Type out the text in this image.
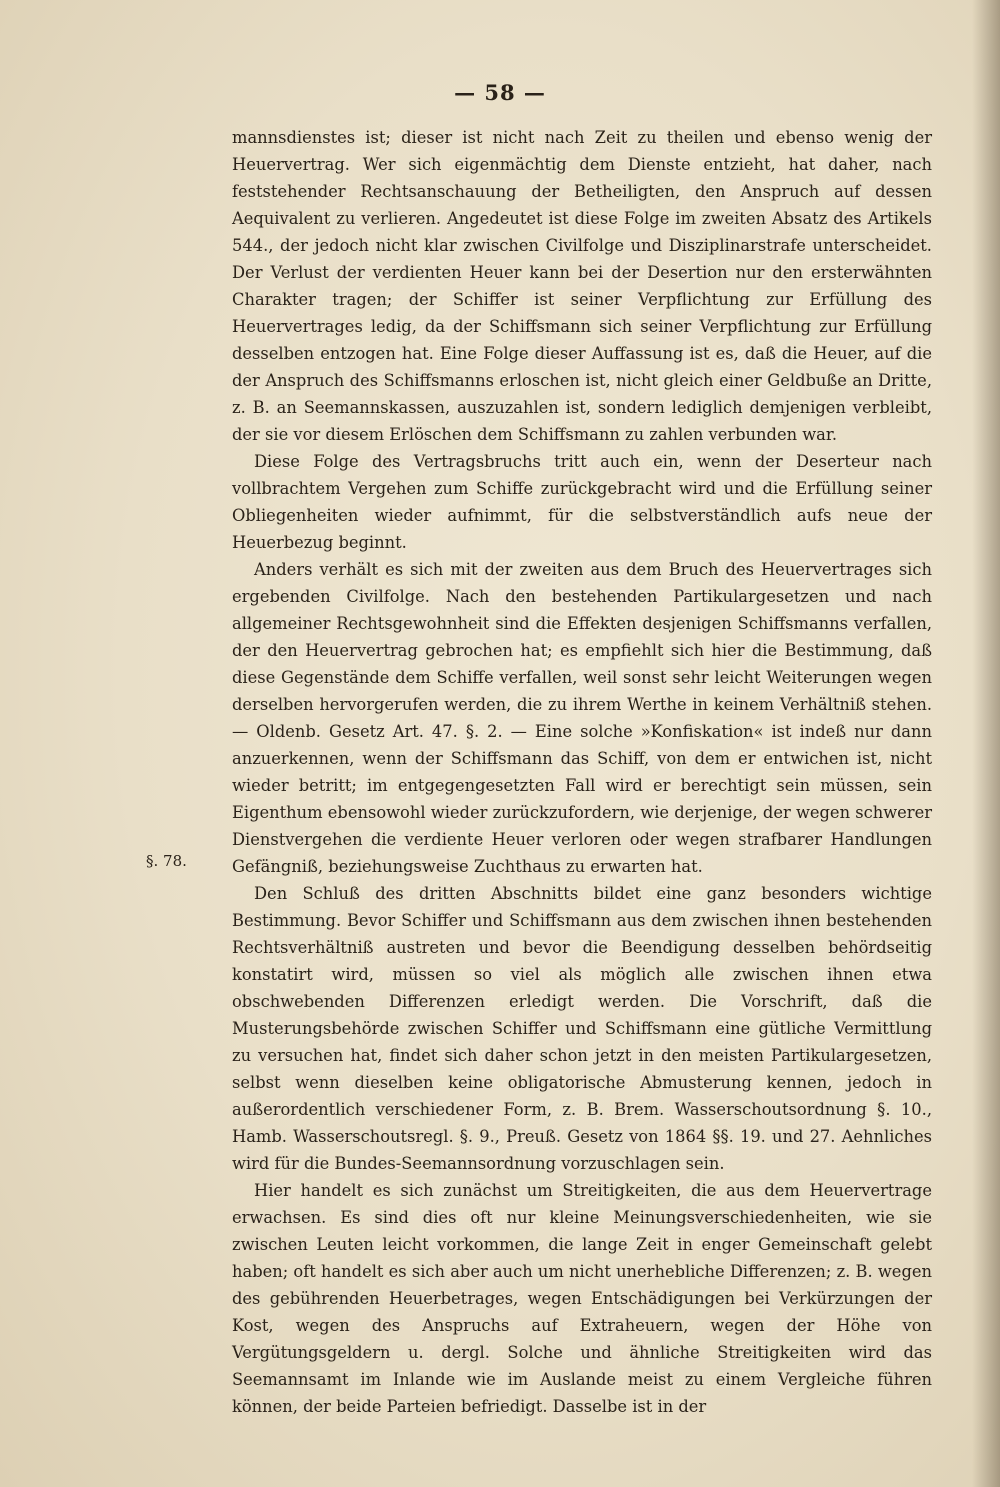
— 58 —
§. 78.

mannsdienstes ist; dieser ist nicht nach Zeit zu theilen und ebenso wenig der Heuervertrag. Wer sich eigenmächtig dem Dienste entzieht, hat daher, nach feststehender Rechtsanschauung der Betheiligten, den Anspruch auf dessen Aequivalent zu verlieren. Angedeutet ist diese Folge im zweiten Absatz des Artikels 544., der jedoch nicht klar zwischen Civilfolge und Disziplinarstrafe unterscheidet. Der Verlust der verdienten Heuer kann bei der Desertion nur den ersterwähnten Charakter tragen; der Schiffer ist seiner Verpflichtung zur Erfüllung des Heuervertrages ledig, da der Schiffsmann sich seiner Verpflichtung zur Erfüllung desselben entzogen hat. Eine Folge dieser Auffassung ist es, daß die Heuer, auf die der Anspruch des Schiffsmanns erloschen ist, nicht gleich einer Geldbuße an Dritte, z. B. an Seemannskassen, auszuzahlen ist, sondern lediglich demjenigen verbleibt, der sie vor diesem Erlöschen dem Schiffsmann zu zahlen verbunden war.

Diese Folge des Vertragsbruchs tritt auch ein, wenn der Deserteur nach vollbrachtem Vergehen zum Schiffe zurückgebracht wird und die Erfüllung seiner Obliegenheiten wieder aufnimmt, für die selbstverständlich aufs neue der Heuerbezug beginnt.

Anders verhält es sich mit der zweiten aus dem Bruch des Heuervertrages sich ergebenden Civilfolge. Nach den bestehenden Partikulargesetzen und nach allgemeiner Rechtsgewohnheit sind die Effekten desjenigen Schiffsmanns verfallen, der den Heuervertrag gebrochen hat; es empfiehlt sich hier die Bestimmung, daß diese Gegenstände dem Schiffe verfallen, weil sonst sehr leicht Weiterungen wegen derselben hervorgerufen werden, die zu ihrem Werthe in keinem Verhältniß stehen. — Oldenb. Gesetz Art. 47. §. 2. — Eine solche »Konfiskation« ist indeß nur dann anzuerkennen, wenn der Schiffsmann das Schiff, von dem er entwichen ist, nicht wieder betritt; im entgegengesetzten Fall wird er berechtigt sein müssen, sein Eigenthum ebensowohl wieder zurückzufordern, wie derjenige, der wegen schwerer Dienstvergehen die verdiente Heuer verloren oder wegen strafbarer Handlungen Gefängniß, beziehungsweise Zuchthaus zu erwarten hat.

Den Schluß des dritten Abschnitts bildet eine ganz besonders wichtige Bestimmung. Bevor Schiffer und Schiffsmann aus dem zwischen ihnen bestehenden Rechtsverhältniß austreten und bevor die Beendigung desselben behördseitig konstatirt wird, müssen so viel als möglich alle zwischen ihnen etwa obschwebenden Differenzen erledigt werden. Die Vorschrift, daß die Musterungsbehörde zwischen Schiffer und Schiffsmann eine gütliche Vermittlung zu versuchen hat, findet sich daher schon jetzt in den meisten Partikulargesetzen, selbst wenn dieselben keine obligatorische Abmusterung kennen, jedoch in außerordentlich verschiedener Form, z. B. Brem. Wasserschoutsordnung §. 10., Hamb. Wasserschoutsregl. §. 9., Preuß. Gesetz von 1864 §§. 19. und 27. Aehnliches wird für die Bundes-Seemannsordnung vorzuschlagen sein.

Hier handelt es sich zunächst um Streitigkeiten, die aus dem Heuervertrage erwachsen. Es sind dies oft nur kleine Meinungsverschiedenheiten, wie sie zwischen Leuten leicht vorkommen, die lange Zeit in enger Gemeinschaft gelebt haben; oft handelt es sich aber auch um nicht unerhebliche Differenzen; z. B. wegen des gebührenden Heuerbetrages, wegen Entschädigungen bei Verkürzungen der Kost, wegen des Anspruchs auf Extraheuern, wegen der Höhe von Vergütungsgeldern u. dergl. Solche und ähnliche Streitigkeiten wird das Seemannsamt im Inlande wie im Auslande meist zu einem Vergleiche führen können, der beide Parteien befriedigt. Dasselbe ist in der
